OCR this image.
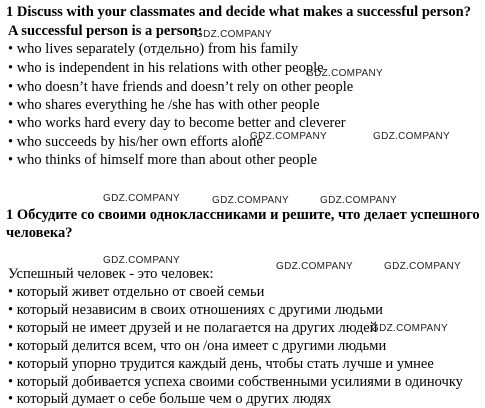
1 Discuss with your classmates and decide what makes a successful person?
A successful person is a person:
• who lives separately (отдельно) from his family
• who is independent in his relations with other people
• who doesn’t have friends and doesn’t rely on other people
• who shares everything he /she has with other people
• who works hard every day to become better and cleverer
• who succeeds by his/her own efforts alone
• who thinks of himself more than about other people
1 Обсудите со своими одноклассниками и решите, что делает успешного
человека?
Успешный человек - это человек:
• который живет отдельно от своей семьи
• который независим в своих отношениях с другими людьми
• который не имеет друзей и не полагается на других людей
• который делится всем, что он /она имеет с другими людьми
• который упорно трудится каждый день, чтобы стать лучше и умнее
• который добивается успеха своими собственными усилиями в одиночку
• который думает о себе больше чем о других людях
GDZ.COMPANY
GDZ.COMPANY
GDZ.COMPANY	GDZ.COMPANY
GDZ.COMPANY	GDZ.COMPANY	GDZ.COMPANY
GDZ.COMPANY
GDZ.COMPANY	GDZ.COMPANY
GDZ.COMPANY
